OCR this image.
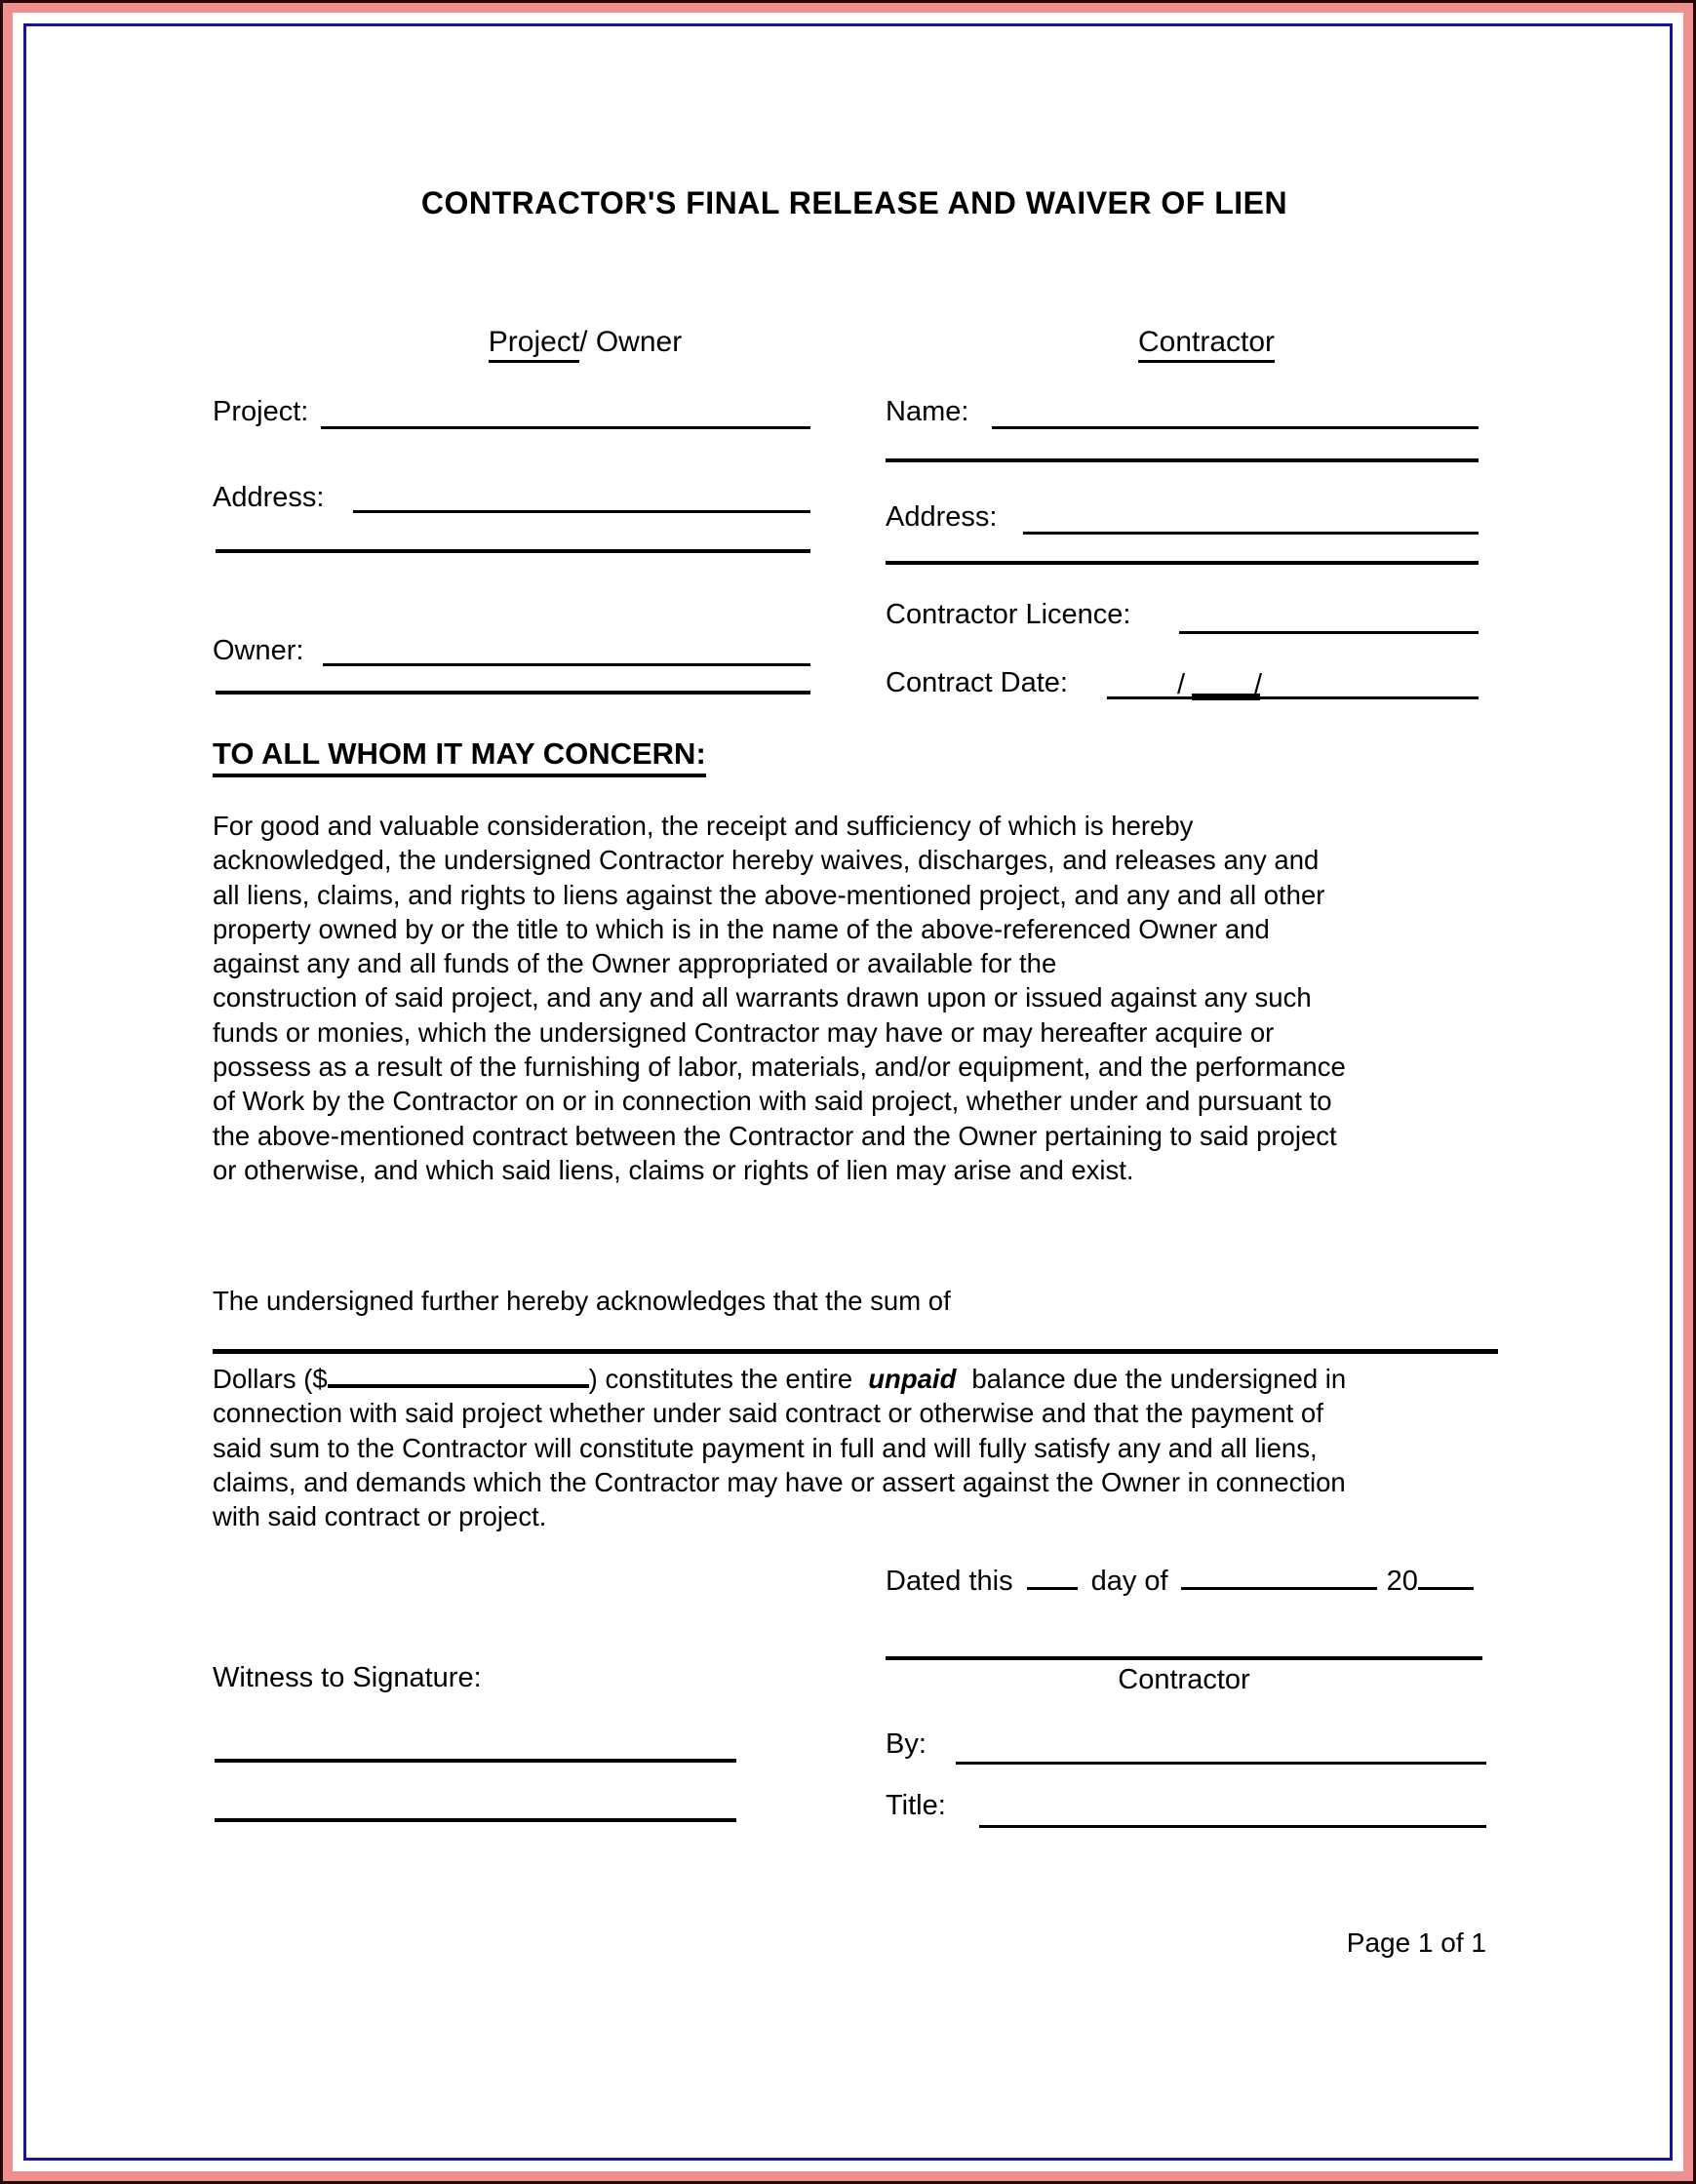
CONTRACTOR'S FINAL RELEASE AND WAIVER OF LIEN
Project/ Owner	Contractor
Project:
Address:
Owner:
Name:
Address:
Contractor Licence:
Contract Date:	/ /
TO ALL WHOM IT MAY CONCERN:
For good and valuable consideration, the receipt and sufficiency of which is hereby
acknowledged, the undersigned Contractor hereby waives, discharges, and releases any and
all liens, claims, and rights to liens against the above-mentioned project, and any and all other
property owned by or the title to which is in the name of the above-referenced Owner and
against any and all funds of the Owner appropriated or available for the
construction of said project, and any and all warrants drawn upon or issued against any such
funds or monies, which the undersigned Contractor may have or may hereafter acquire or
possess as a result of the furnishing of labor, materials, and/or equipment, and the performance
of Work by the Contractor on or in connection with said project, whether under and pursuant to
the above-mentioned contract between the Contractor and the Owner pertaining to said project
or otherwise, and which said liens, claims or rights of lien may arise and exist.
The undersigned further hereby acknowledges that the sum of
Dollars ($	) constitutes the entire unpaid balance due the undersigned in
connection with said project whether under said contract or otherwise and that the payment of
said sum to the Contractor will constitute payment in full and will fully satisfy any and all liens,
claims, and demands which the Contractor may have or assert against the Owner in connection
with said contract or project.
Dated this	day of	20
Contractor
Witness to Signature:
By:
Title:
Page 1 of 1
